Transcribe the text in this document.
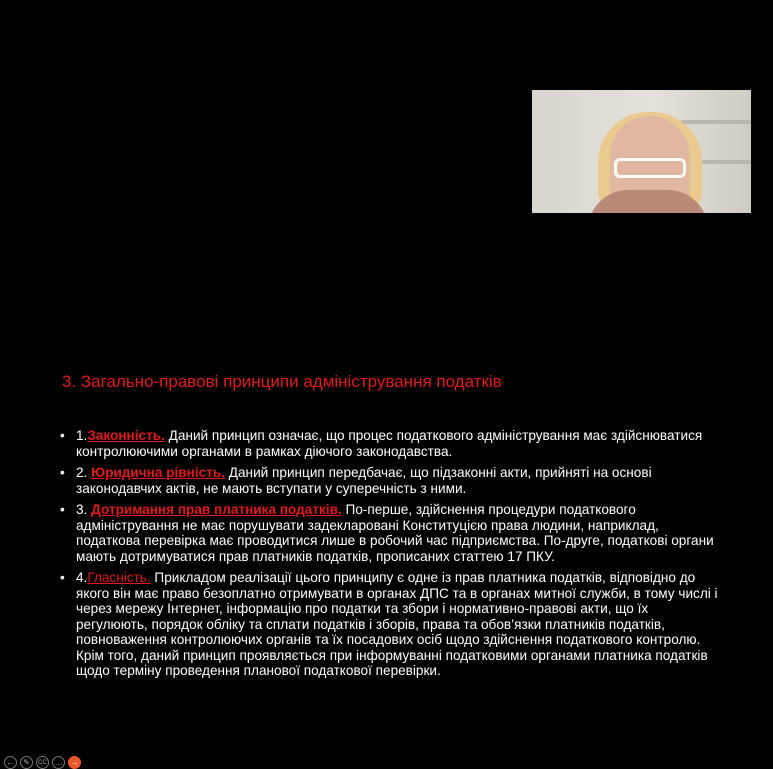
3. Загально-правові принципи адміністрування податків
• 1.Законність. Даний принцип означає, що процес податкового адміністрування має здійснюватися контролюючими органами в рамках діючого законодавства.
• 2. Юридична рівність. Даний принцип передбачає, що підзаконні акти, прийняті на основі законодавчих актів, не мають вступати у суперечність з ними.
• 3. Дотримання прав платника податків. По-перше, здійснення процедури податкового адміністрування не має порушувати задекларовані Конституцією права людини, наприклад, податкова перевірка має проводитися лише в робочий час підприємства. По-друге, податкові органи мають дотримуватися прав платників податків, прописаних статтею 17 ПКУ.
• 4.Гласність. Прикладом реалізації цього принципу є одне із прав платника податків, відповідно до якого він має право безоплатно отримувати в органах ДПС та в органах митної служби, в тому числі і через мережу Інтернет, інформацію про податки та збори і нормативно-правові акти, що їх регулюють, порядок обліку та сплати податків і зборів, права та обов’язки платників податків, повноваження контролюючих органів та їх посадових осіб щодо здійснення податкового контролю. Крім того, даний принцип проявляється при інформуванні податковими органами платника податків щодо терміну проведення планової податкової перевірки.
←	✎	CC …	→
